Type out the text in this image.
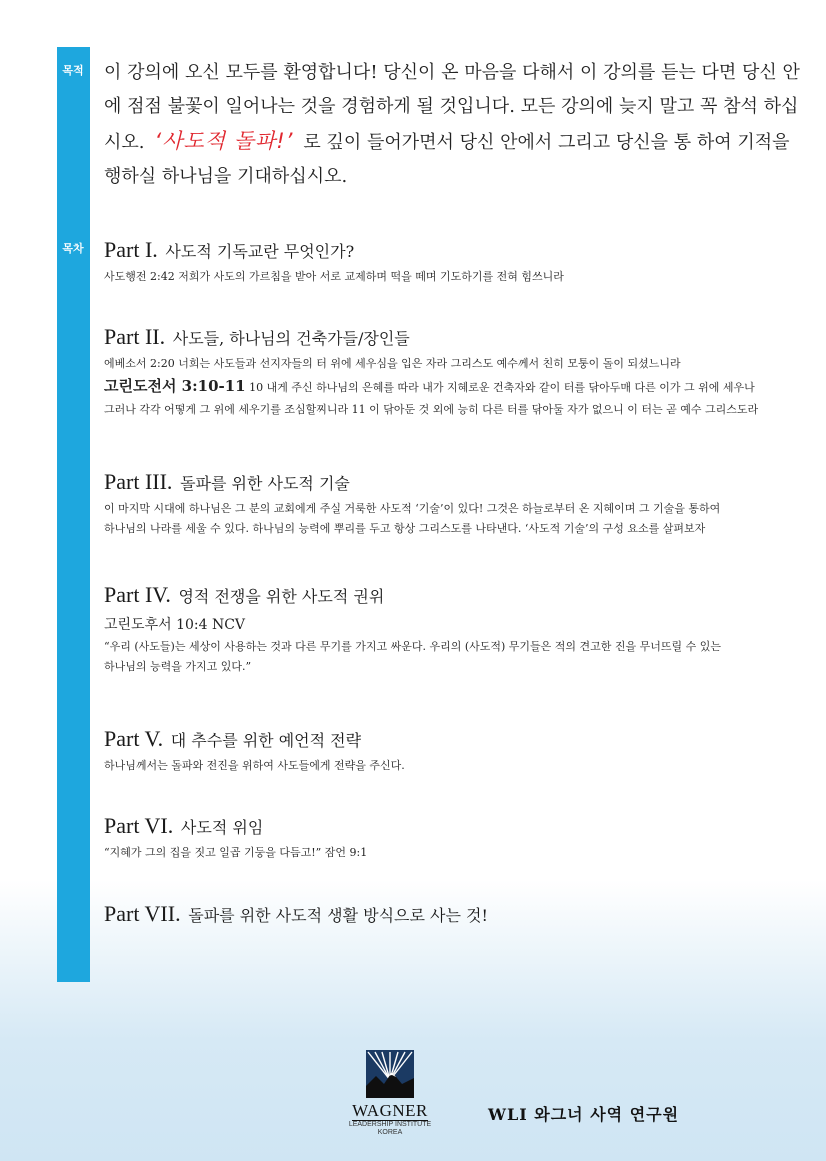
목적
목차

이 강의에 오신 모두를 환영합니다! 당신이 온 마음을 다해서 이 강의를 듣는 다면 당신 안에 점점 불꽃이 일어나는 것을 경험하게 될 것입니다. 모든 강의에 늦지 말고 꼭 참석 하십시오. ‘사도적 돌파!’ 로 깊이 들어가면서 당신 안에서 그리고 당신을 통 하여 기적을 행하실 하나님을 기대하십시오.

Part I. 사도적 기독교란 무엇인가?

사도행전 2:42 저희가 사도의 가르침을 받아 서로 교제하며 떡을 떼며 기도하기를 전혀 힘쓰니라

Part II. 사도들, 하나님의 건축가들/장인들

에베소서 2:20 너희는 사도들과 선지자들의 터 위에 세우심을 입은 자라 그리스도 예수께서 친히 모퉁이 돌이 되셨느니라

고린도전서 3:10-11 10 내게 주신 하나님의 은혜를 따라 내가 지혜로운 건축자와 같이 터를 닦아두매 다른 이가 그 위에 세우나

그러나 각각 어떻게 그 위에 세우기를 조심할찌니라 11 이 닦아둔 것 외에 능히 다른 터를 닦아둘 자가 없으니 이 터는 곧 예수 그리스도라

Part III. 돌파를 위한 사도적 기술

이 마지막 시대에 하나님은 그 분의 교회에게 주실 거룩한 사도적 ‘기술’이 있다! 그것은 하늘로부터 온 지혜이며 그 기술을 통하여

하나님의 나라를 세울 수 있다. 하나님의 능력에 뿌리를 두고 항상 그리스도를 나타낸다. ‘사도적 기술’의 구성 요소를 살펴보자

Part IV. 영적 전쟁을 위한 사도적 권위

고린도후서 10:4 NCV

“우리 (사도들)는 세상이 사용하는 것과 다른 무기를 가지고 싸운다. 우리의 (사도적) 무기들은 적의 견고한 진을 무너뜨릴 수 있는

하나님의 능력을 가지고 있다.”

Part V. 대 추수를 위한 예언적 전략

하나님께서는 돌파와 전진을 위하여 사도들에게 전략을 주신다.

Part VI. 사도적 위임

“지혜가 그의 집을 짓고 일곱 기둥을 다듬고!” 잠언 9:1

Part VII. 돌파를 위한 사도적 생활 방식으로 사는 것!
WAGNER
LEADERSHIP INSTITUTE
KOREA
WLI 와그너 사역 연구원
